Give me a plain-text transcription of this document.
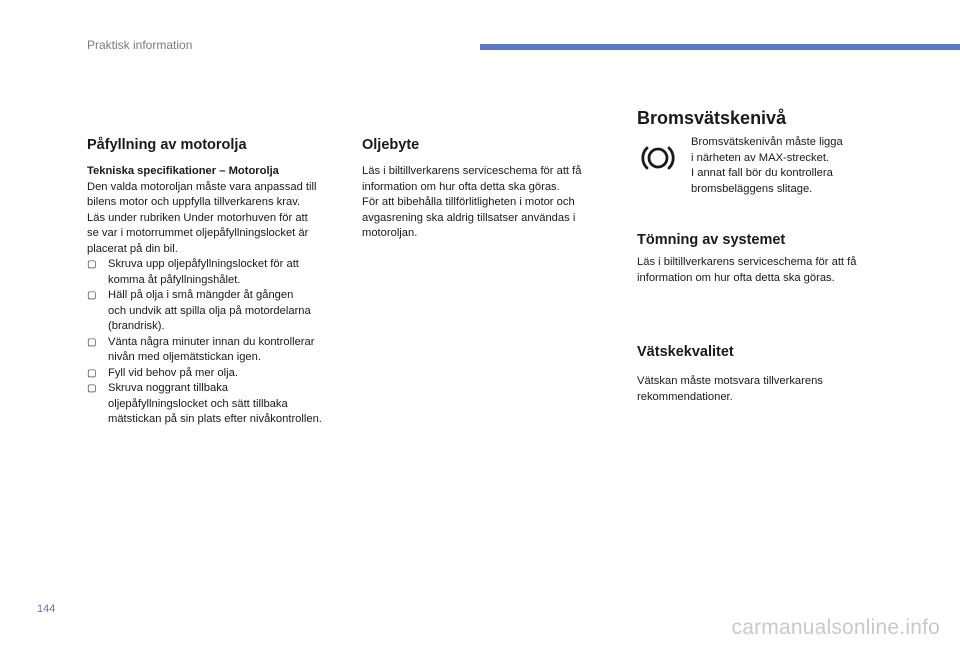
Praktisk information
Påfyllning av motorolja
Tekniska specifikationer – Motorolja
Den valda motoroljan måste vara anpassad till
bilens motor och uppfylla tillverkarens krav.
Läs under rubriken Under motorhuven för att
se var i motorrummet oljepåfyllningslocket är
placerat på din bil.
▢ Skruva upp oljepåfyllningslocket för att
komma åt påfyllningshålet.
▢ Häll på olja i små mängder åt gången
och undvik att spilla olja på motordelarna
(brandrisk).
▢ Vänta några minuter innan du kontrollerar
nivån med oljemätstickan igen.
▢ Fyll vid behov på mer olja.
▢ Skruva noggrant tillbaka
oljepåfyllningslocket och sätt tillbaka
mätstickan på sin plats efter nivåkontrollen.
Oljebyte
Läs i biltillverkarens serviceschema för att få
information om hur ofta detta ska göras.
För att bibehålla tillförlitligheten i motor och
avgasrening ska aldrig tillsatser användas i
motoroljan.
Bromsvätskenivå
Bromsvätskenivån måste ligga
i närheten av MAX-strecket.
I annat fall bör du kontrollera
bromsbeläggens slitage.
Tömning av systemet
Läs i biltillverkarens serviceschema för att få
information om hur ofta detta ska göras.
Vätskekvalitet
Vätskan måste motsvara tillverkarens
rekommendationer.
144
carmanualsonline.info
